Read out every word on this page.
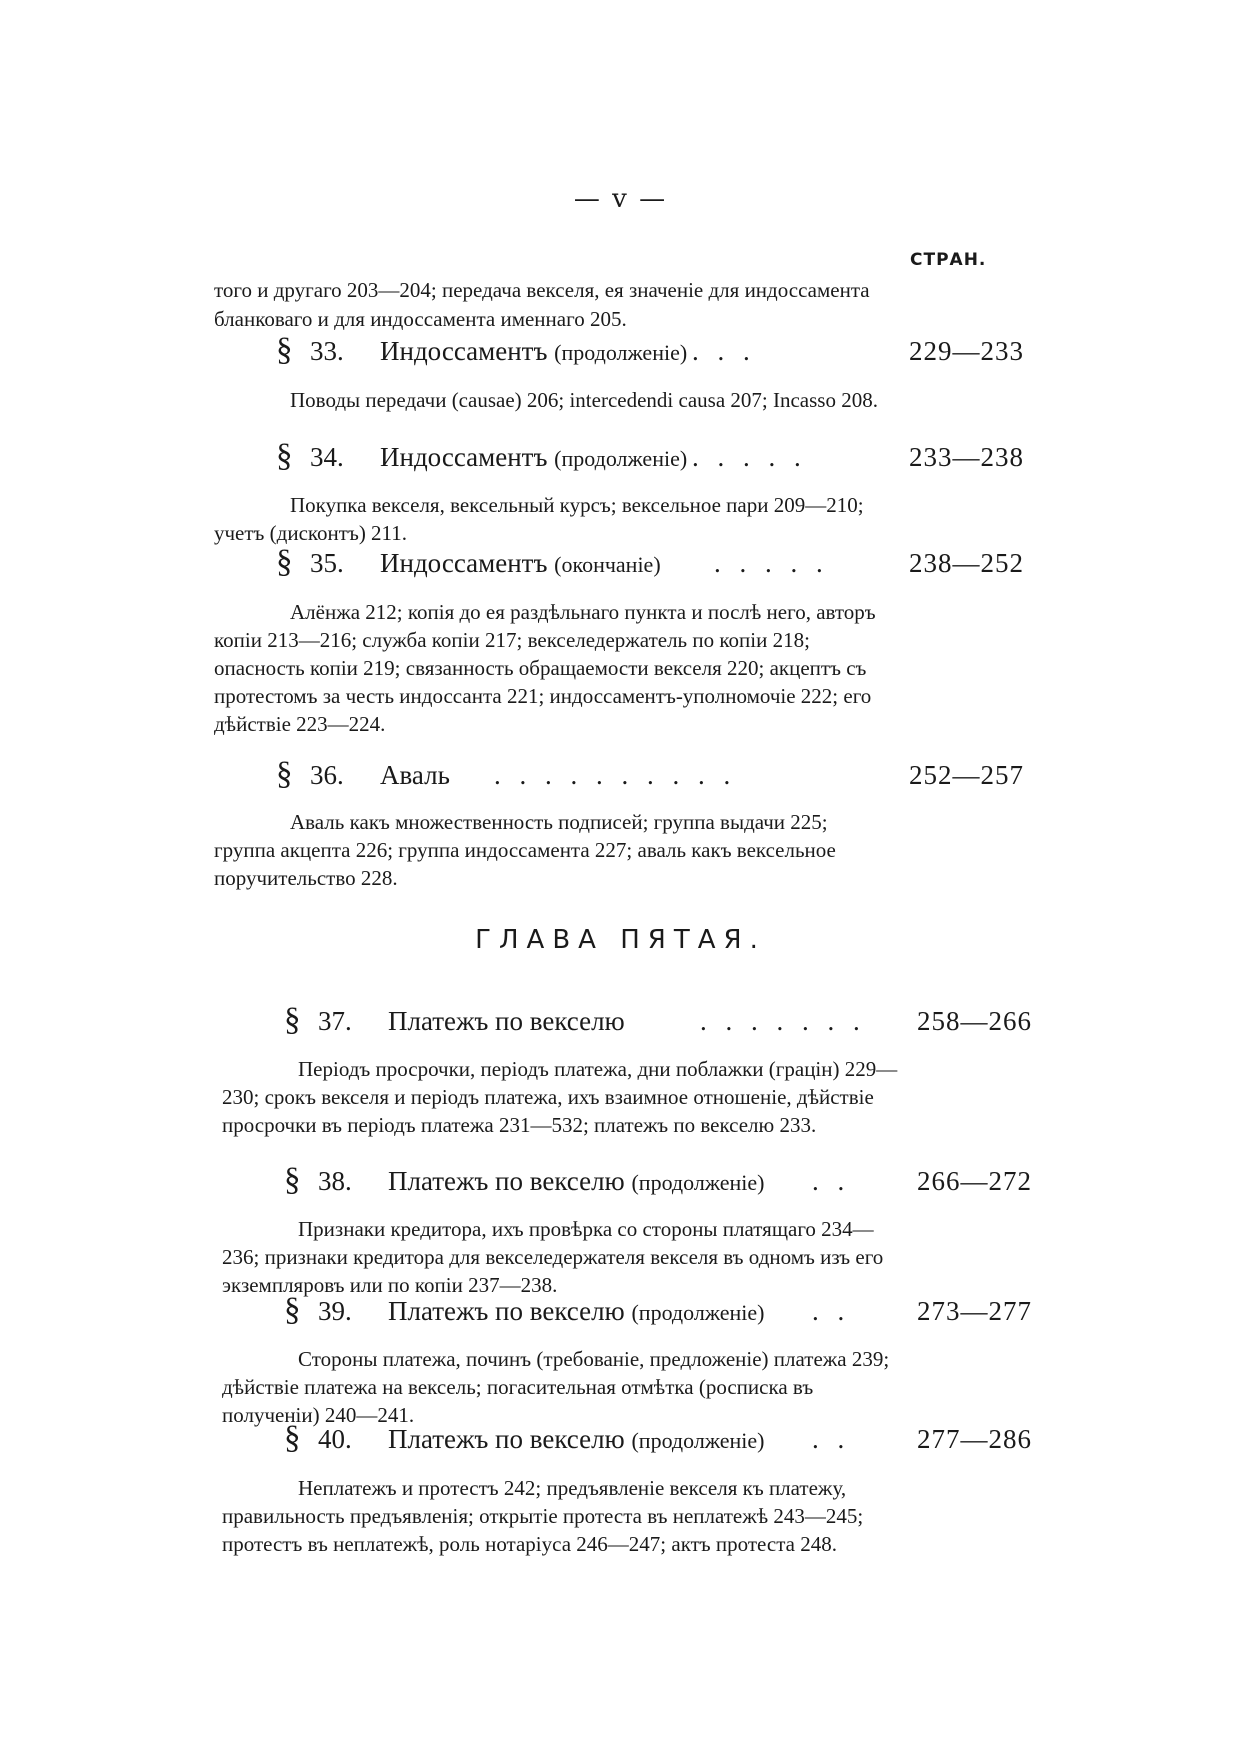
— v —
СТРАН.
того и другаго 203—204; передача векселя, ея значеніе для индоссамента бланковаго и для индоссамента именнаго 205.
§ 33. Индоссаментъ (продолженіе) . . .	229—233
Поводы передачи (causae) 206; intercedendi causa 207; Incasso 208.
§ 34. Индоссаментъ (продолженіе) . . . . .	233—238
Покупка векселя, вексельный курсъ; вексельное пари 209—210; учетъ (дисконтъ) 211.
§ 35. Индоссаментъ (окончаніе) . . . . .	238—252
Алёнжа 212; копія до ея раздѣльнаго пункта и послѣ него, авторъ копіи 213—216; служба копіи 217; векселедержатель по копіи 218; опасность копіи 219; связанность обращаемости векселя 220; акцептъ съ протестомъ за честь индоссанта 221; индоссаментъ-уполномочіе 222; его дѣйствіе 223—224.
§ 36. Аваль . . . . . . . . . .	252—257
Аваль какъ множественность подписей; группа выдачи 225; группа акцепта 226; группа индоссамента 227; аваль какъ вексельное поручительство 228.
ГЛАВА ПЯТАЯ.
§ 37. Платежъ по векселю	. . . . . . . 258—266
Періодъ просрочки, періодъ платежа, дни поблажки (грацін) 229—230; срокъ векселя и періодъ платежа, ихъ взаимное отношеніе, дѣйствіе просрочки въ періодъ платежа 231—532; платежъ по векселю 233.
§ 38. Платежъ по векселю (продолженіе) . . 266—272
Признаки кредитора, ихъ провѣрка со стороны платящаго 234—236; признаки кредитора для векселедержателя векселя въ одномъ изъ его экземпляровъ или по копіи 237—238.
§ 39. Платежъ по векселю (продолженіе) . . 273—277
Стороны платежа, починъ (требованіе, предложеніе) платежа 239; дѣйствіе платежа на вексель; погасительная отмѣтка (росписка въ полученіи) 240—241.
§ 40. Платежъ по векселю (продолженіе) . . 277—286
Неплатежъ и протестъ 242; предъявленіе векселя къ платежу, правильность предъявленія; открытіе протеста въ неплатежѣ 243—245; протестъ въ неплатежѣ, роль нотаріуса 246—247; актъ протеста 248.
